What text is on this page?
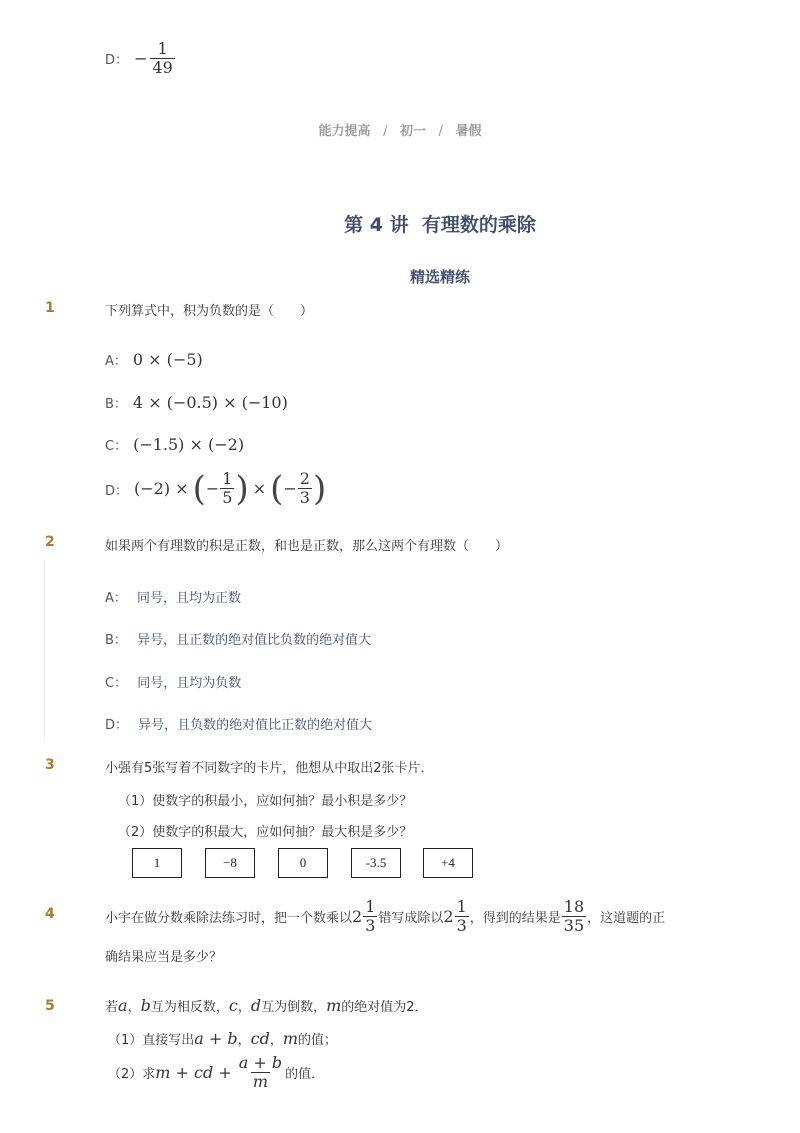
D： − $\frac{1}{49}$
能力提高 / 初一 / 暑假
第 4 讲  有理数的乘除
精选精练
1	下列算式中，积为负数的是（　　）
A： 0 × (−5)
B： 4 × (−0.5) × (−10)
C： (−1.5) × (−2)
D： (−2) × ( − $\frac{1}{5}$ ) × ( − $\frac{2}{3}$ )
2	如果两个有理数的积是正数，和也是正数，那么这两个有理数（　　）
A： 同号，且均为正数
B： 异号，且正数的绝对值比负数的绝对值大
C： 同号，且均为负数
D： 异号，且负数的绝对值比正数的绝对值大
3	小强有5张写着不同数字的卡片，他想从中取出2张卡片．
（1）使数字的积最小，应如何抽？最小积是多少？
（2）使数字的积最大，应如何抽？最大积是多少？
1	−8	0	-3.5	+4
4	小宇在做分数乘除法练习时，把一个数乘以 $2 \frac{1}{3}$ 错写成除以 $2 \frac{1}{3}$ ，得到的结果是 $\frac{18}{35}$ ，这道题的正
确结果应当是多少？
5	若 a ， b 互为相反数， c ， d 互为倒数， m 的绝对值为2．
（1）直接写出 a + b ， cd ， m 的值；
（2）求 m + cd + $\frac{a + b}{m}$ 的值．
